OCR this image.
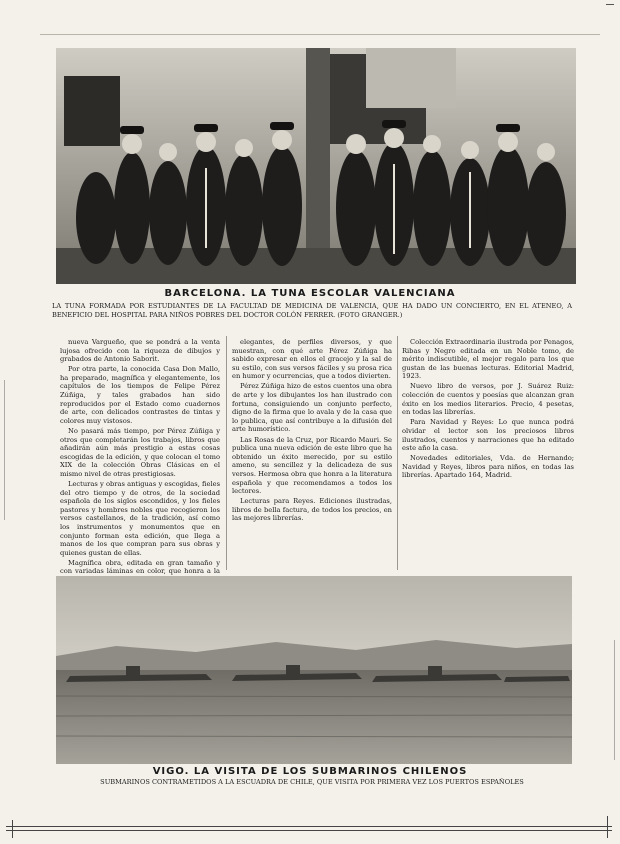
BARCELONA. LA TUNA ESCOLAR VALENCIANA
LA TUNA FORMADA POR ESTUDIANTES DE LA FACULTAD DE MEDICINA DE VALENCIA, QUE HA DADO UN CONCIERTO, EN EL ATENEO, A BENEFICIO DEL HOSPITAL PARA NIÑOS POBRES DEL DOCTOR COLÓN FERRER. (FOTO GRANGER.)

nueva Vargueño, que se pondrá a la venta lujosa ofrecido con la riqueza de dibujos y grabados de Antonio Saborit.

Por otra parte, la conocida Casa Don Mallo, ha preparado, magnífica y elegantemente, los capítulos de los tiempos de Felipe Pérez Zúñiga, y tales grabados han sido reproducidos por el Estado como cuadernos de arte, con delicados contrastes de tintas y colores muy vistosos.

No pasará más tiempo, por Pérez Zúñiga y otros que completarán los trabajos, libros que añadirán aún más prestigio a estas cosas escogidas de la edición, y que colocan el tomo XIX de la colección Obras Clásicas en el mismo nivel de otras prestigiosas.

Lecturas y obras antiguas y escogidas, fieles del otro tiempo y de otros, de la sociedad española de los siglos escondidos, y los fieles pastores y hombres nobles que recogieron los versos castellanos, de la tradición, así como los instrumentos y monumentos que en conjunto forman esta edición, que llega a manos de los que compran para sus obras y quienes gustan de ellas.

Magnífica obra, editada en gran tamaño y con variadas láminas en color, que honra a la

elegantes, de perfiles diversos, y que muestran, con qué arte Pérez Zúñiga ha sabido expresar en ellos el gracejo y la sal de su estilo, con sus versos fáciles y su prosa rica en humor y ocurrencias, que a todos divierten.

Pérez Zúñiga hizo de estos cuentos una obra de arte y los dibujantes los han ilustrado con fortuna, consiguiendo un conjunto perfecto, digno de la firma que lo avala y de la casa que lo publica, que así contribuye a la difusión del arte humorístico.

Las Rosas de la Cruz, por Ricardo Mauri. Se publica una nueva edición de este libro que ha obtenido un éxito merecido, por su estilo ameno, su sencillez y la delicadeza de sus versos. Hermosa obra que honra a la literatura española y que recomendamos a todos los lectores.

Lecturas para Reyes. Ediciones ilustradas, libros de bella factura, de todos los precios, en las mejores librerías.

Colección Extraordinaria ilustrada por Penagos, Ribas y Negro editada en un Noble tomo, de mérito indiscutible, el mejor regalo para los que gustan de las buenas lecturas. Editorial Madrid, 1923.

Nuevo libro de versos, por J. Suárez Ruiz: colección de cuentos y poesías que alcanzan gran éxito en los medios literarios. Precio, 4 pesetas, en todas las librerías.

Para Navidad y Reyes: Lo que nunca podrá olvidar el lector son los preciosos libros ilustrados, cuentos y narraciones que ha editado este año la casa.

Novedades editoriales, Vda. de Hernando; Navidad y Reyes, libros para niños, en todas las librerías. Apartado 164, Madrid.

VIGO. LA VISITA DE LOS SUBMARINOS CHILENOS
SUBMARINOS CONTRAMETIDOS A LA ESCUADRA DE CHILE, QUE VISITA POR PRIMERA VEZ LOS PUERTOS ESPAÑOLES
